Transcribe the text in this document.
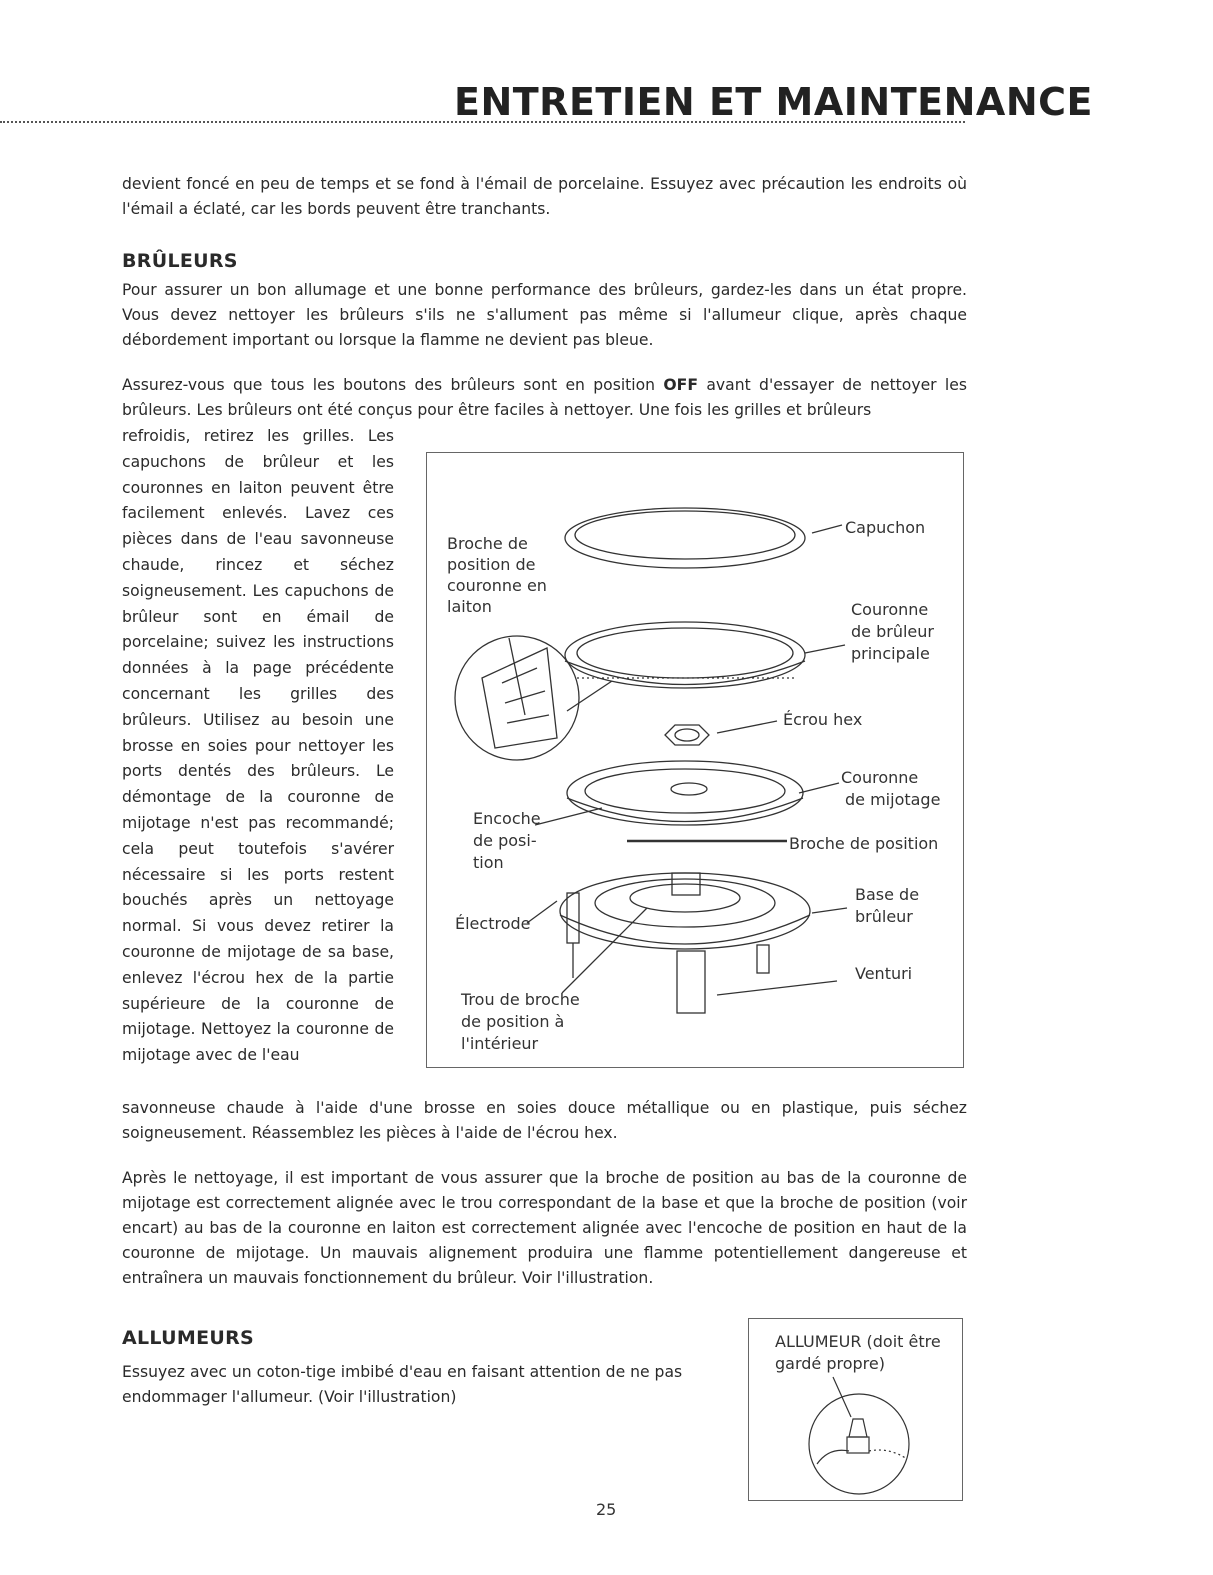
ENTRETIEN ET MAINTENANCE

devient foncé en peu de temps et se fond à l'émail de porcelaine. Essuyez avec précaution les endroits où l'émail a éclaté, car les bords peuvent être tranchants.

BRÛLEURS

Pour assurer un bon allumage et une bonne performance des brûleurs, gardez-les dans un état propre. Vous devez nettoyer les brûleurs s'ils ne s'allument pas même si l'allumeur clique, après chaque débordement important ou lorsque la flamme ne devient pas bleue.

Assurez-vous que tous les boutons des brûleurs sont en position OFF avant d'essayer de nettoyer les brûleurs. Les brûleurs ont été conçus pour être faciles à nettoyer. Une fois les grilles et brûleurs

refroidis, retirez les grilles. Les capuchons de brûleur et les couronnes en laiton peuvent être facilement enlevés. Lavez ces pièces dans de l'eau savonneuse chaude, rincez et séchez soigneusement. Les capuchons de brûleur sont en émail de porcelaine; suivez les instructions données à la page précédente concernant les grilles des brûleurs. Utilisez au besoin une brosse en soies pour nettoyer les ports dentés des brûleurs. Le démontage de la couronne de mijotage n'est pas recommandé; cela peut toutefois s'avérer nécessaire si les ports restent bouchés après un nettoyage normal. Si vous devez retirer la couronne de mijotage de sa base, enlevez l'écrou hex de la partie supérieure de la couronne de mijotage. Nettoyez la couronne de mijotage avec de l'eau

savonneuse chaude à l'aide d'une brosse en soies douce métallique ou en plastique, puis séchez soigneusement. Réassemblez les pièces à l'aide de l'écrou hex.

Après le nettoyage, il est important de vous assurer que la broche de position au bas de la couronne de mijotage est correctement alignée avec le trou correspondant de la base et que la broche de position (voir encart) au bas de la couronne en laiton est correctement alignée avec l'encoche de position en haut de la couronne de mijotage. Un mauvais alignement produira une flamme potentiellement dangereuse et entraînera un mauvais fonctionnement du brûleur. Voir l'illustration.

Broche de
position de
couronne en
laiton
Capuchon
Couronne
de brûleur
principale
Écrou hex
Couronne
de mijotage
Encoche
de posi-
tion
Broche de position
Base de
brûleur
Électrode
Venturi
Trou de broche
de position à
l'intérieur
ALLUMEURS

Essuyez avec un coton-tige imbibé d'eau en faisant attention de ne pas endommager l'allumeur. (Voir l'illustration)

ALLUMEUR (doit être
gardé propre)
25
